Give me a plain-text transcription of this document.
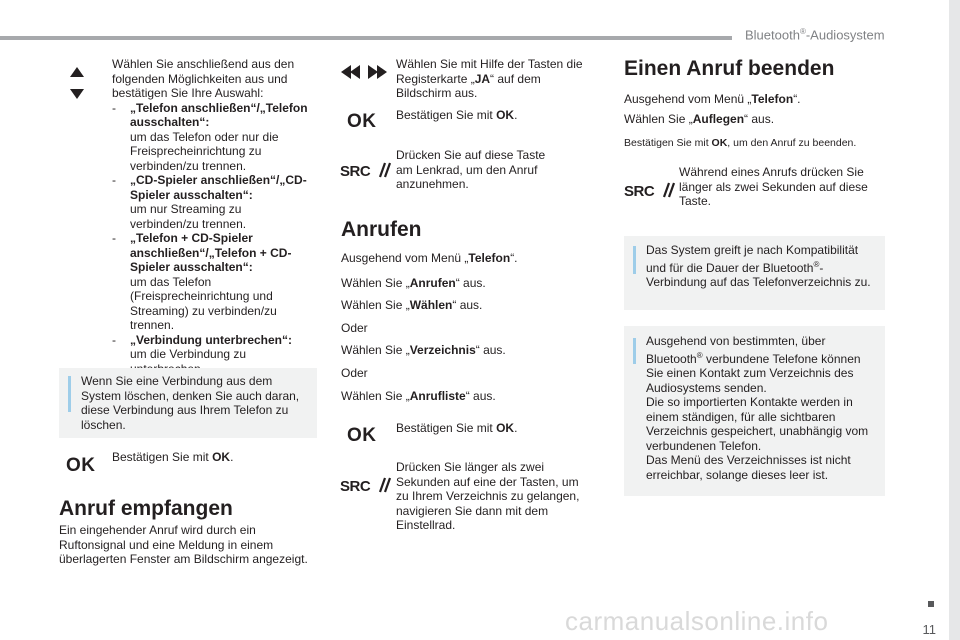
Bluetooth®-Audiosystem
Wählen Sie anschließend aus den folgenden Möglichkeiten aus und bestätigen Sie Ihre Auswahl:
- „Telefon anschließen“/„Telefon ausschalten“:
um das Telefon oder nur die Freisprecheinrichtung zu verbinden/zu trennen.
- „CD-Spieler anschließen“/„CD-Spieler ausschalten“:
um nur Streaming zu verbinden/zu trennen.
- „Telefon + CD-Spieler anschließen“/„Telefon + CD-Spieler ausschalten“:
um das Telefon (Freisprecheinrichtung und Streaming) zu verbinden/zu trennen.
- „Verbindung unterbrechen“: um die Verbindung zu
Wenn Sie eine Verbindung aus dem System löschen, denken Sie auch daran, diese Verbindung aus Ihrem Telefon zu löschen.
OK Bestätigen Sie mit OK.
Anruf empfangen
Ein eingehender Anruf wird durch ein Ruftonsignal und eine Meldung in einem überlagerten Fenster am Bildschirm angezeigt.
Wählen Sie mit Hilfe der Tasten die Registerkarte „JA“ auf dem Bildschirm aus.
OK Bestätigen Sie mit OK.
SRC
Drücken Sie auf diese Taste am Lenkrad, um den Anruf anzunehmen.
Anrufen
Ausgehend vom Menü „Telefon“.
Wählen Sie „Anrufen“ aus.
Wählen Sie „Wählen“ aus.
Oder
Wählen Sie „Verzeichnis“ aus.
Oder
Wählen Sie „Anrufliste“ aus.
OK Bestätigen Sie mit OK.
SRC
Drücken Sie länger als zwei Sekunden auf eine der Tasten, um zu Ihrem Verzeichnis zu gelangen, navigieren Sie dann mit dem Einstellrad.
Einen Anruf beenden
Ausgehend vom Menü „Telefon“.
Wählen Sie „Auflegen“ aus.
Bestätigen Sie mit OK, um den Anruf zu beenden.
SRC
Während eines Anrufs drücken Sie länger als zwei Sekunden auf diese Taste.
Das System greift je nach Kompatibilität und für die Dauer der Bluetooth®-Verbindung auf das Telefonverzeichnis zu.
Ausgehend von bestimmten, über Bluetooth® verbundene Telefone können Sie einen Kontakt zum Verzeichnis des Audiosystems senden.
Die so importierten Kontakte werden in einem ständigen, für alle sichtbaren Verzeichnis gespeichert, unabhängig vom verbundenen Telefon.
Das Menü des Verzeichnisses ist nicht erreichbar, solange dieses leer ist.
11
carmanualsonline.info
